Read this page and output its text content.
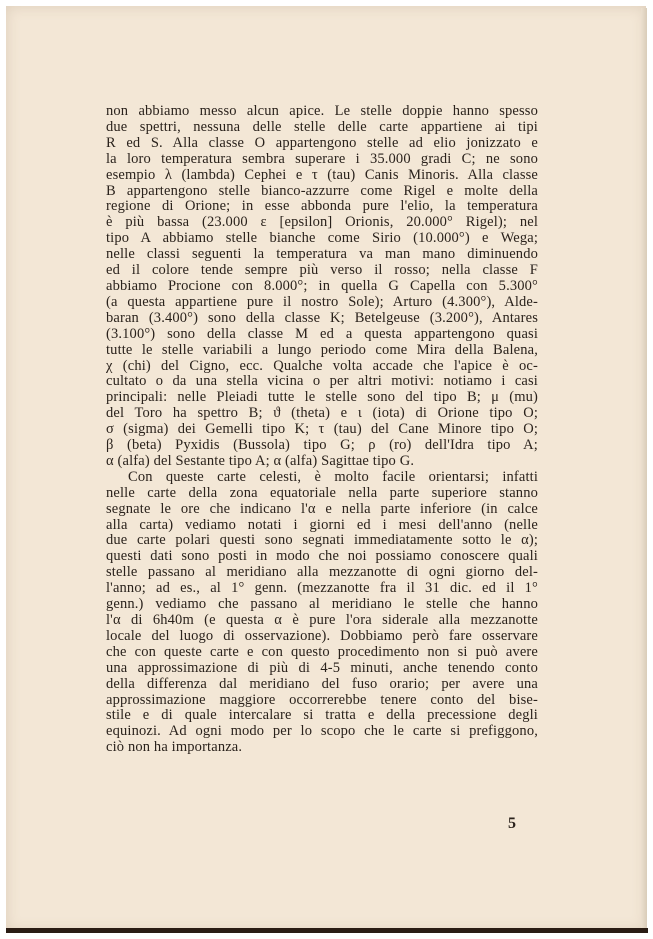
non abbiamo messo alcun apice. Le stelle doppie hanno spesso
due spettri, nessuna delle stelle delle carte appartiene ai tipi
R ed S. Alla classe O appartengono stelle ad elio jonizzato e
la loro temperatura sembra superare i 35.000 gradi C; ne sono
esempio λ (lambda) Cephei e τ (tau) Canis Minoris. Alla classe
B appartengono stelle bianco-azzurre come Rigel e molte della
regione di Orione; in esse abbonda pure l'elio, la temperatura
è più bassa (23.000 ε [epsilon] Orionis, 20.000° Rigel); nel
tipo A abbiamo stelle bianche come Sirio (10.000°) e Wega;
nelle classi seguenti la temperatura va man mano diminuendo
ed il colore tende sempre più verso il rosso; nella classe F
abbiamo Procione con 8.000°; in quella G Capella con 5.300°
(a questa appartiene pure il nostro Sole); Arturo (4.300°), Alde-
baran (3.400°) sono della classe K; Betelgeuse (3.200°), Antares
(3.100°) sono della classe M ed a questa appartengono quasi
tutte le stelle variabili a lungo periodo come Mira della Balena,
χ (chi) del Cigno, ecc. Qualche volta accade che l'apice è oc-
cultato o da una stella vicina o per altri motivi: notiamo i casi
principali: nelle Pleiadi tutte le stelle sono del tipo B; μ (mu)
del Toro ha spettro B; ϑ (theta) e ι (iota) di Orione tipo O;
σ (sigma) dei Gemelli tipo K; τ (tau) del Cane Minore tipo O;
β (beta) Pyxidis (Bussola) tipo G; ρ (ro) dell'Idra tipo A;
α (alfa) del Sestante tipo A; α (alfa) Sagittae tipo G.
Con queste carte celesti, è molto facile orientarsi; infatti
nelle carte della zona equatoriale nella parte superiore stanno
segnate le ore che indicano l'α e nella parte inferiore (in calce
alla carta) vediamo notati i giorni ed i mesi dell'anno (nelle
due carte polari questi sono segnati immediatamente sotto le α);
questi dati sono posti in modo che noi possiamo conoscere quali
stelle passano al meridiano alla mezzanotte di ogni giorno del-
l'anno; ad es., al 1° genn. (mezzanotte fra il 31 dic. ed il 1°
genn.) vediamo che passano al meridiano le stelle che hanno
l'α di 6h40m (e questa α è pure l'ora siderale alla mezzanotte
locale del luogo di osservazione). Dobbiamo però fare osservare
che con queste carte e con questo procedimento non si può avere
una approssimazione di più di 4-5 minuti, anche tenendo conto
della differenza dal meridiano del fuso orario; per avere una
approssimazione maggiore occorrerebbe tenere conto del bise-
stile e di quale intercalare si tratta e della precessione degli
equinozi. Ad ogni modo per lo scopo che le carte si prefiggono,
ciò non ha importanza.
5
